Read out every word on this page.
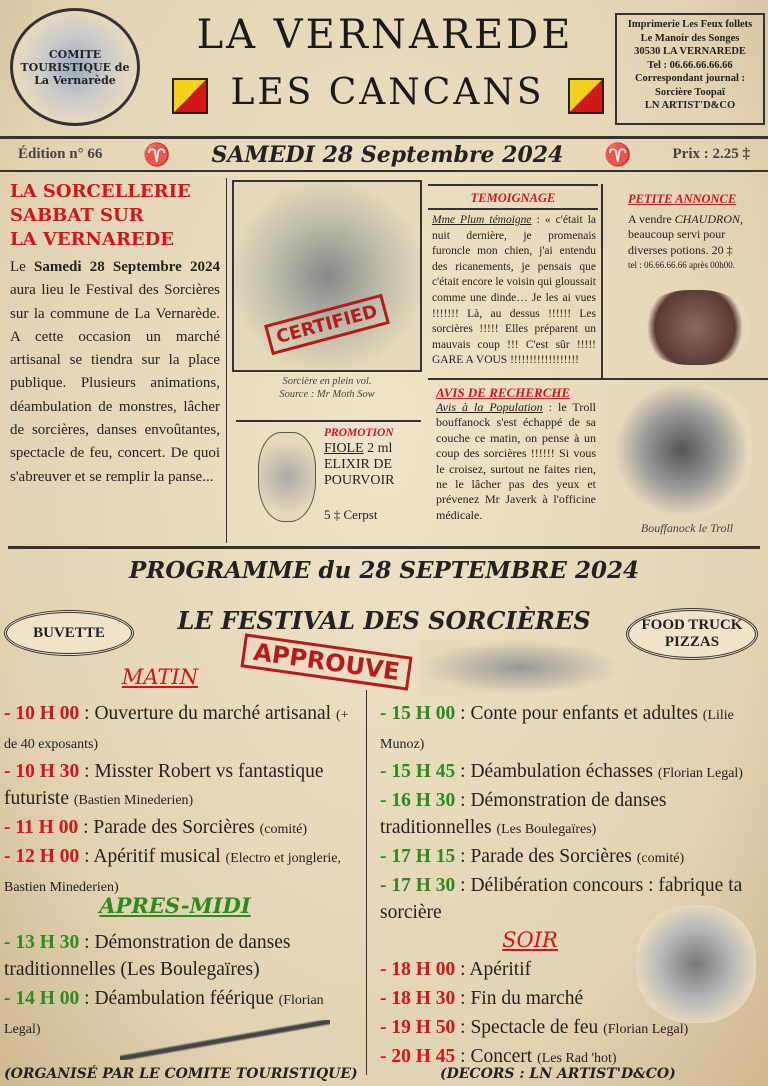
COMITE TOURISTIQUE de La Vernarède
LA VERNAREDE
LES CANCANS
Imprimerie Les Feux follets
Le Manoir des Songes
30530 LA VERNAREDE
Tel : 06.66.66.66.66
Correspondant journal :
Sorcière Toopaï
LN ARTIST'D&CO
Édition n° 66 ♈ SAMEDI 28 Septembre 2024 ♈	Prix : 2.25 ‡
LA SORCELLERIE
SABBAT SUR
LA VERNAREDE

Le Samedi 28 Septembre 2024 aura lieu le Festival des Sorcières sur la commune de La Vernarède. A cette occasion un marché artisanal se tiendra sur la place publique. Plusieurs animations, déambulation de monstres, lâcher de sorcières, danses envoûtantes, spectacle de feu, concert. De quoi s'abreuver et se remplir la panse...

CERTIFIED
Sorcière en plein vol.
Source : Mr Moth Sow
PROMOTION
FIOLE 2 ml
ELIXIR DE
POURVOIR
5 ‡ Cerpst
TEMOIGNAGE
Mme Plum témoigne : « c'était la nuit dernière, je promenais furoncle mon chien, j'ai entendu des ricanements, je pensais que c'était encore le voisin qui gloussait comme une dinde… Je les ai vues !!!!!!! Là, au dessus !!!!!! Les sorcières !!!!! Elles préparent un mauvais coup !!! C'est sûr !!!!! GARE A VOUS !!!!!!!!!!!!!!!!!!
PETITE ANNONCE
A vendre CHAUDRON, beaucoup servi pour diverses potions. 20 ‡
tel : 06.66.66.66 après 00h00.
AVIS DE RECHERCHE
Avis à la Population : le Troll bouffanock s'est échappé de sa couche ce matin, on pense à un coup des sorcières !!!!!! Si vous le croisez, surtout ne faites rien, ne le lâcher pas des yeux et prévenez Mr Javerk à l'officine médicale.
Bouffanock le Troll
PROGRAMME du 28 SEPTEMBRE 2024
LE FESTIVAL DES SORCIÈRES
BUVETTE	FOOD TRUCK
PIZZAS
APPROUVE
MATIN
- 10 H 00 : Ouverture du marché artisanal (+ de 40 exposants)
- 10 H 30 : Misster Robert vs fantastique futuriste (Bastien Minederien)
- 11 H 00 : Parade des Sorcières (comité)
- 12 H 00 : Apéritif musical (Electro et jonglerie, Bastien Minederien)
APRES-MIDI
- 13 H 30 : Démonstration de danses traditionnelles (Les Boulegaïres)
- 14 H 00 : Déambulation féérique (Florian Legal)
- 15 H 00 : Conte pour enfants et adultes (Lilie Munoz)
- 15 H 45 : Déambulation échasses (Florian Legal)
- 16 H 30 : Démonstration de danses traditionnelles (Les Boulegaïres)
- 17 H 15 : Parade des Sorcières (comité)
- 17 H 30 : Délibération concours : fabrique ta sorcière
SOIR
- 18 H 00 : Apéritif
- 18 H 30 : Fin du marché
- 19 H 50 : Spectacle de feu (Florian Legal)
- 20 H 45 : Concert (Les Rad 'hot)
(ORGANISÉ PAR LE COMITE TOURISTIQUE)	(DECORS : LN ARTIST'D&CO)
